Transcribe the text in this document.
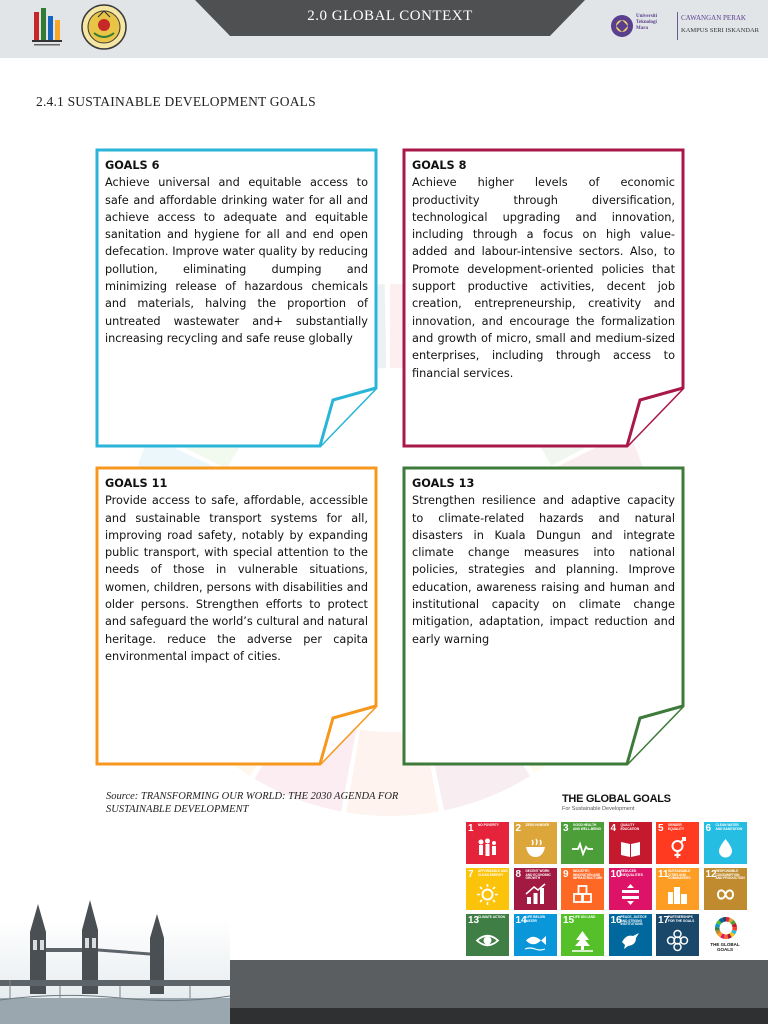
2.0 GLOBAL CONTEXT	Universiti
Teknologi
Mara
CAWANGAN PERAK
KAMPUS SERI ISKANDAR
2.4.1 SUSTAINABLE DEVELOPMENT GOALS
GOALS 6
Achieve universal and equitable access to safe and affordable drinking water for all and achieve access to adequate and equitable sanitation and hygiene for all and end open defecation. Improve water quality by reducing pollution, eliminating dumping and minimizing release of hazardous chemicals and materials, halving the proportion of untreated wastewater and+ substantially increasing recycling and safe reuse globally
GOALS 8
Achieve higher levels of economic productivity through diversification, technological upgrading and innovation, including through a focus on high value-added and labour-intensive sectors. Also, to Promote development-oriented policies that support productive activities, decent job creation, entrepreneurship, creativity and innovation, and encourage the formalization and growth of micro, small and medium-sized enterprises, including through access to financial services.
GOALS 11
Provide access to safe, affordable, accessible and sustainable transport systems for all, improving road safety, notably by expanding public transport, with special attention to the needs of those in vulnerable situations, women, children, persons with disabilities and older persons. Strengthen efforts to protect and safeguard the world’s cultural and natural heritage. reduce the adverse per capita environmental impact of cities.
GOALS 13
Strengthen resilience and adaptive capacity to climate-related hazards and natural disasters in Kuala Dungun and integrate climate change measures into national policies, strategies and planning. Improve education, awareness raising and human and institutional capacity on climate change mitigation, adaptation, impact reduction and early warning
Source: TRANSFORMING OUR WORLD: THE 2030 AGENDA FOR SUSTAINABLE DEVELOPMENT
THE GLOBAL GOALS
For Sustainable Development
1 NO POVERTY	2 ZERO HUNGER	3 GOOD HEALTH AND WELL-BEING 4 QUALITY EDUCATION	5 GENDER EQUALITY	6 CLEAN WATER AND SANITATION
7 AFFORDABLE AND CLEAN ENERGY	8 DECENT WORK AND ECONOMIC GROWTH	9 INDUSTRY, INNOVATION AND INFRASTRUCTURE 10
REDUCED INEQUALITIES	11 SUSTAINABLE CITIES AND COMMUNITIES	12
RESPONSIBLE CONSUMPTION AND PRODUCTION
13
CLIMATE ACTION	14
LIFE BELOW WATER	15
LIFE ON LAND	16
PEACE, JUSTICE AND STRONG INSTITUTIONS	17
PARTNERSHIPS FOR THE GOALS
THE GLOBAL GOALS
